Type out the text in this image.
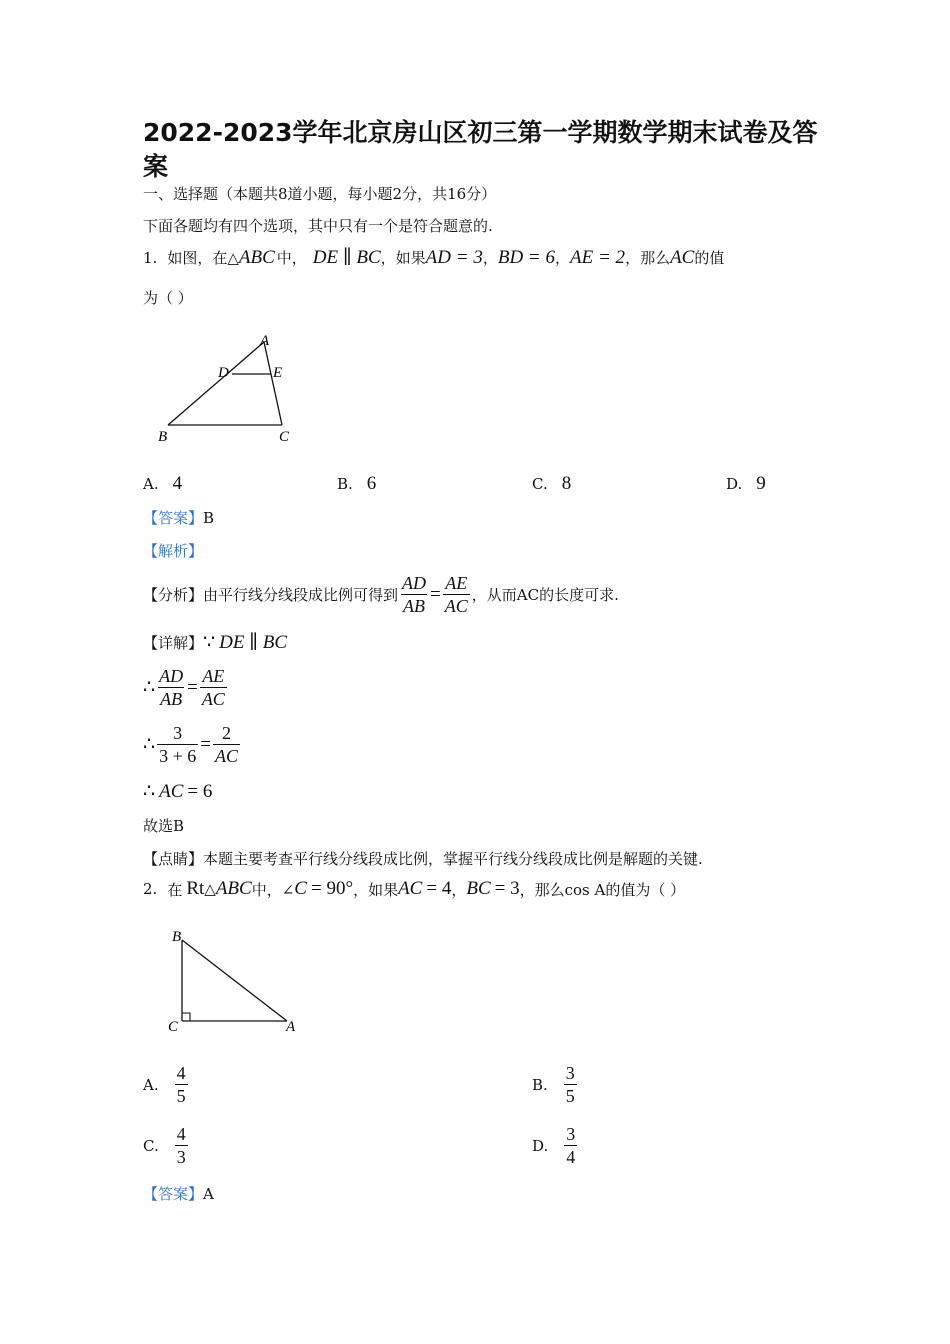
2022-2023学年北京房山区初三第一学期数学期末试卷及答
案
一、选择题（本题共8道小题，每小题2分，共16分）
下面各题均有四个选项，其中只有一个是符合题意的.
1. 如图，在△ ABC 中， DE ∥ BC ，如果 AD = 3 ， BD = 6 ， AE = 2 ，那么 AC 的值
为（ ）
A
D	E
B	C
A. 4	B. 6	C. 8	D. 9
【答案】B
【解析】
【分析】 由平行线分线段成比例可得到 $\frac{AD}{AB} = \frac{AE}{AC}$ ，从而AC的长度可求.
【详解】 ∵ DE ∥ BC
∴ $\frac{AD}{AB} = \frac{AE}{AC}$
∴ $\frac{3}{3 + 6} = \frac{2}{AC}$
∴ AC = 6
故选B
【点睛】本题主要考查平行线分线段成比例，掌握平行线分线段成比例是解题的关键.
2. 在 Rt △ ABC 中，∠ C = 90° ，如果 AC = 4 ， BC = 3 ，那么cos A的值为（ ）
B
C	A
A. $\frac{4}{5}$	B. $\frac{3}{5}$
C. $\frac{4}{3}$	D. $\frac{3}{4}$
【答案】A
